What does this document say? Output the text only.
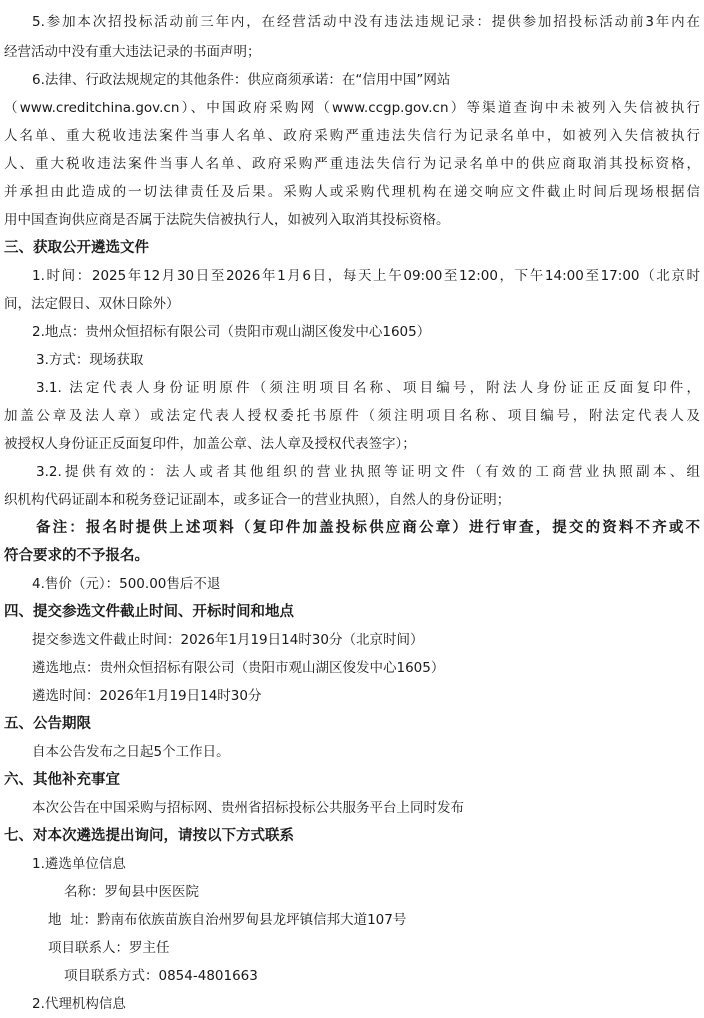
5.参加本次招投标活动前三年内，在经营活动中没有违法违规记录：提供参加招投标活动前3年内在
经营活动中没有重大违法记录的书面声明；
6.法律、行政法规规定的其他条件：供应商须承诺：在“信用中国”网站
（www.creditchina.gov.cn）、中国政府采购网（www.ccgp.gov.cn）等渠道查询中未被列入失信被执行
人名单、重大税收违法案件当事人名单、政府采购严重违法失信行为记录名单中，如被列入失信被执行
人、重大税收违法案件当事人名单、政府采购严重违法失信行为记录名单中的供应商取消其投标资格，
并承担由此造成的一切法律责任及后果。采购人或采购代理机构在递交响应文件截止时间后现场根据信
用中国查询供应商是否属于法院失信被执行人，如被列入取消其投标资格。
三、获取公开遴选文件
1.时间：2025年12月30日至2026年1月6日，每天上午09:00至12:00，下午14:00至17:00（北京时
间，法定假日、双休日除外）
2.地点：贵州众恒招标有限公司（贵阳市观山湖区俊发中心1605）
3.方式：现场获取
3.1. 法定代表人身份证明原件（须注明项目名称、项目编号，附法人身份证正反面复印件，
加盖公章及法人章）或法定代表人授权委托书原件（须注明项目名称、项目编号，附法定代表人及
被授权人身份证正反面复印件，加盖公章、法人章及授权代表签字）；
3.2.提供有效的：法人或者其他组织的营业执照等证明文件（有效的工商营业执照副本、组
织机构代码证副本和税务登记证副本，或多证合一的营业执照），自然人的身份证明；
备注：报名时提供上述项料（复印件加盖投标供应商公章）进行审查，提交的资料不齐或不
符合要求的不予报名。
4.售价（元）：500.00售后不退
四、提交参选文件截止时间、开标时间和地点
提交参选文件截止时间：2026年1月19日14时30分（北京时间）
遴选地点：贵州众恒招标有限公司（贵阳市观山湖区俊发中心1605）
遴选时间：2026年1月19日14时30分
五、公告期限
自本公告发布之日起5个工作日。
六、其他补充事宜
本次公告在中国采购与招标网、贵州省招标投标公共服务平台上同时发布
七、对本次遴选提出询问，请按以下方式联系
1.遴选单位信息
名称：罗甸县中医医院
地  址：黔南布依族苗族自治州罗甸县龙坪镇信邦大道107号
项目联系人：罗主任
项目联系方式：0854-4801663
2.代理机构信息
